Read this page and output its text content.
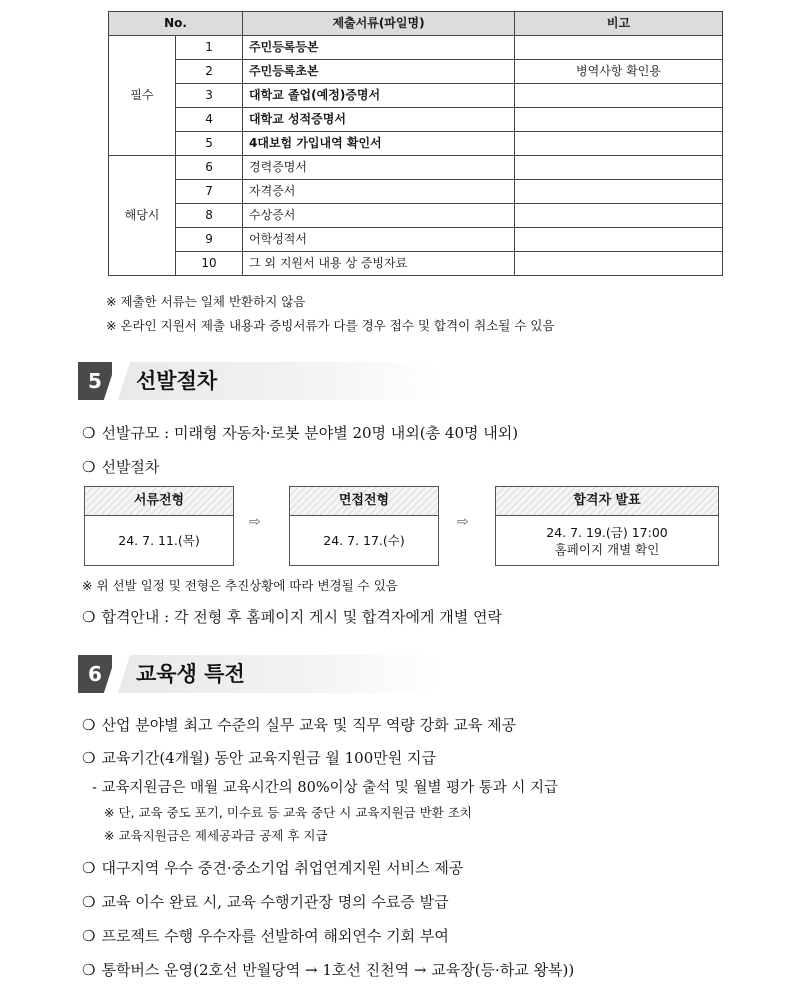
No.		제출서류(파일명)	비고
필수	1	주민등록등본	
	2	주민등록초본	병역사항 확인용
	3	대학교 졸업(예정)증명서	
	4	대학교 성적증명서	
	5	4대보험 가입내역 확인서	
해당시	6	경력증명서	
	7	자격증서	
	8	수상증서	
	9	어학성적서	
	10	그 외 지원서 내용 상 증빙자료	
※ 제출한 서류는 일체 반환하지 않음
※ 온라인 지원서 제출 내용과 증빙서류가 다를 경우 접수 및 합격이 취소될 수 있음
5	선발절차
❍ 선발규모 : 미래형 자동차·로봇 분야별 20명 내외(총 40명 내외)
❍ 선발절차
서류전형
24. 7. 11.(목)
⇨
면접전형
24. 7. 17.(수)
⇨
합격자 발표
24. 7. 19.(금) 17:00
홈페이지 개별 확인
※ 위 선발 일정 및 전형은 추진상황에 따라 변경될 수 있음
❍ 합격안내 : 각 전형 후 홈페이지 게시 및 합격자에게 개별 연락
6	교육생 특전
❍ 산업 분야별 최고 수준의 실무 교육 및 직무 역량 강화 교육 제공
❍ 교육기간(4개월) 동안 교육지원금 월 100만원 지급
- 교육지원금은 매월 교육시간의 80%이상 출석 및 월별 평가 통과 시 지급
※ 단, 교육 중도 포기, 미수료 등 교육 중단 시 교육지원금 반환 조치
※ 교육지원금은 제세공과금 공제 후 지급
❍ 대구지역 우수 중견·중소기업 취업연계지원 서비스 제공
❍ 교육 이수 완료 시, 교육 수행기관장 명의 수료증 발급
❍ 프로젝트 수행 우수자를 선발하여 해외연수 기회 부여
❍ 통학버스 운영(2호선 반월당역 → 1호선 진천역 → 교육장(등·하교 왕복))
